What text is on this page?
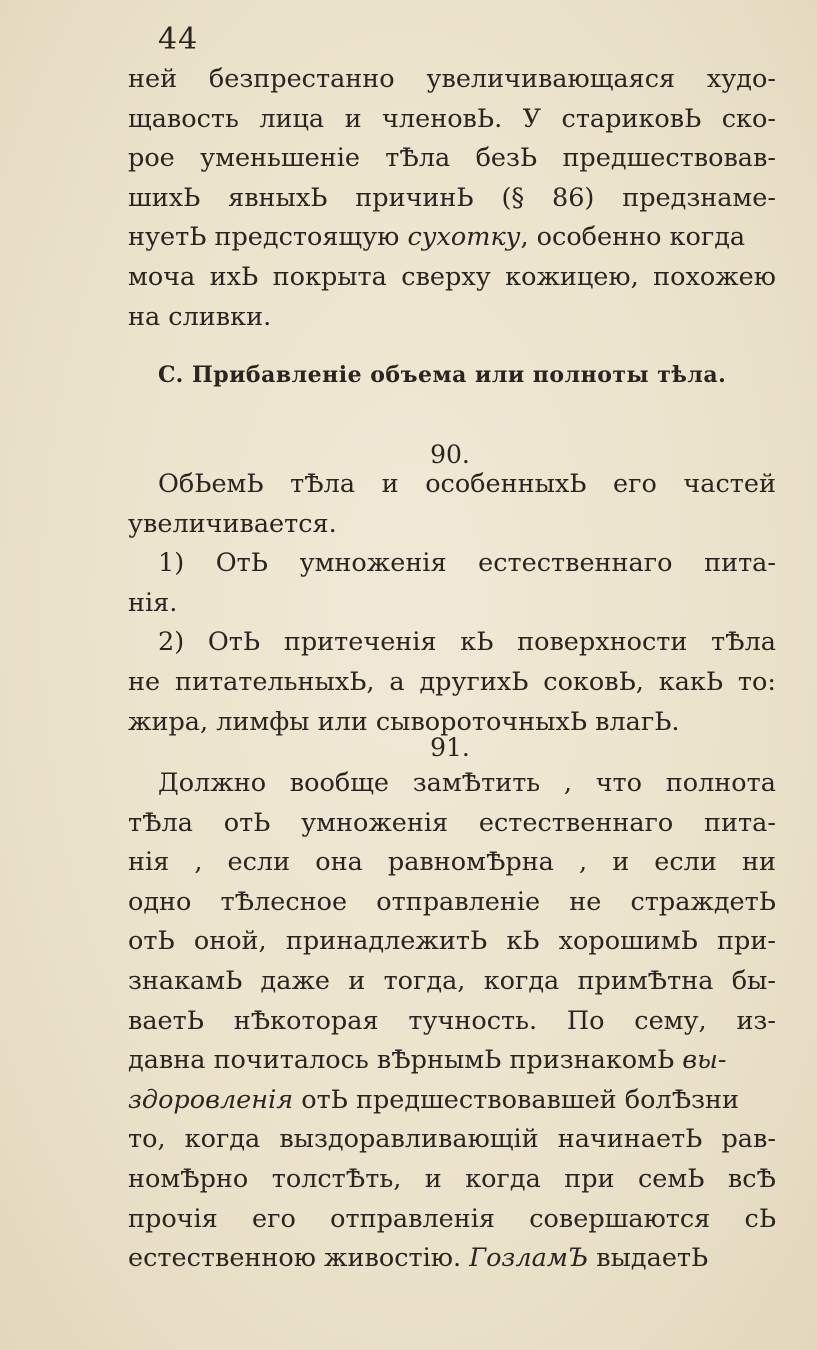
44
ней безпрестанно увеличивающаяся худо-
щавость лица и членовЬ. У стариковЬ ско-
рое уменьшеніе тѢла безЬ предшествовав-
шихЬ явныхЬ причинЬ (§ 86) предзнаме-
нуетЬ предстоящую сухотку, особенно когда
моча ихЬ покрыта сверху кожицею, похожею
на сливки.
C. Прибавленіе объема или полноты тѣла.
90.
ОбЬемЬ тѢла и особенныхЬ его частей
увеличивается.
1) ОтЬ умноженія естественнаго пита-
нія.
2) ОтЬ притеченія кЬ поверхности тѢла
не питательныхЬ, а другихЬ соковЬ, какЬ то:
жира, лимфы или сывороточныхЬ влагЬ.
91.
Должно вообще замѢтить , что полнота
тѢла отЬ умноженія естественнаго пита-
нія , если она равномѢрна , и если ни
одно тѢлесное отправленіе не страждетЬ
отЬ оной, принадлежитЬ кЬ хорошимЬ при-
знакамЬ даже и тогда, когда примѢтна бы-
ваетЬ нѢкоторая тучность. По сему, из-
давна почиталось вѢрнымЬ признакомЬ вы-
здоровленія отЬ предшествовавшей болѢзни
то, когда выздоравливающій начинаетЬ рав-
номѢрно толстѢть, и когда при семЬ всѢ
прочія его отправленія совершаются сЬ
естественною живостію. ГозламЪ выдаетЬ
